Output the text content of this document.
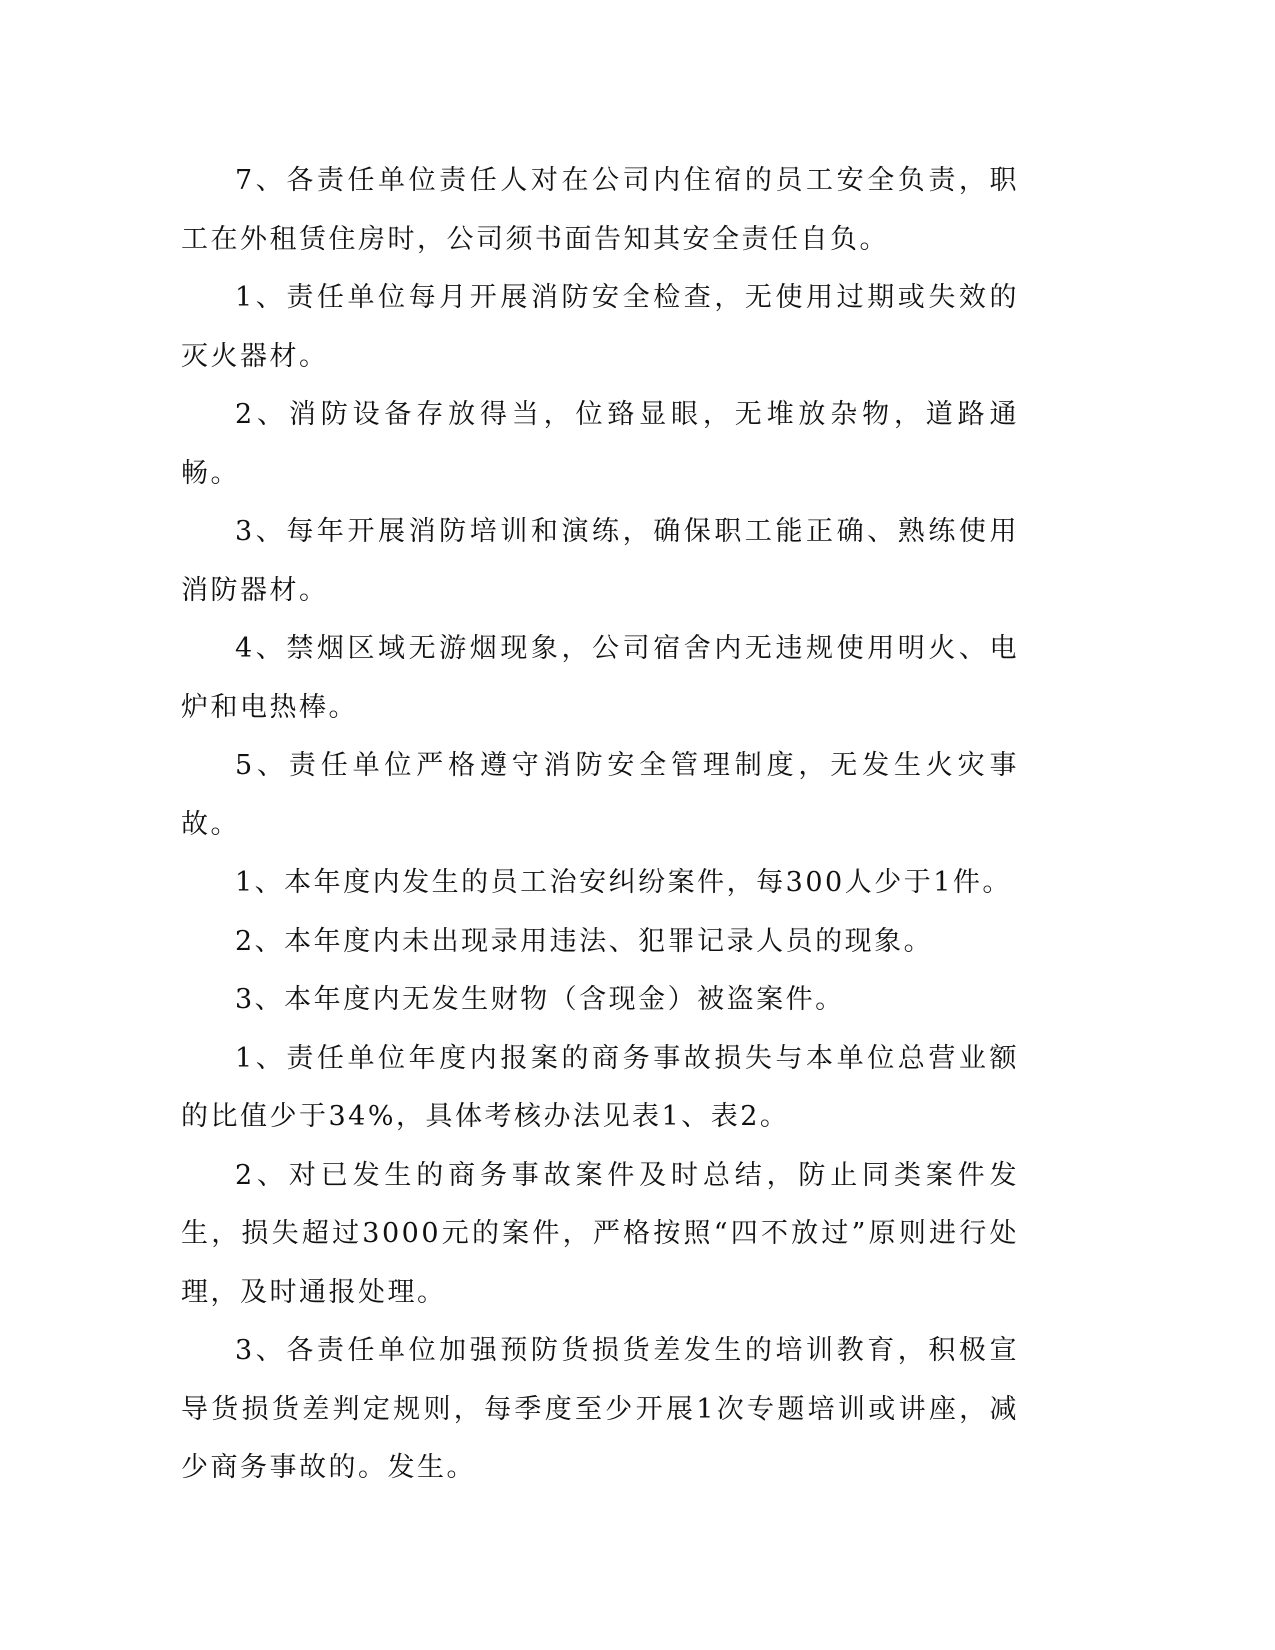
7、各责任单位责任人对在公司内住宿的员工安全负责，职工在外租赁住房时，公司须书面告知其安全责任自负。

1、责任单位每月开展消防安全检查，无使用过期或失效的灭火器材。

2、消防设备存放得当，位臵显眼，无堆放杂物，道路通畅。

3、每年开展消防培训和演练，确保职工能正确、熟练使用消防器材。

4、禁烟区域无游烟现象，公司宿舍内无违规使用明火、电炉和电热棒。

5、责任单位严格遵守消防安全管理制度，无发生火灾事故。

1、本年度内发生的员工治安纠纷案件，每300人少于1件。

2、本年度内未出现录用违法、犯罪记录人员的现象。

3、本年度内无发生财物（含现金）被盗案件。

1、责任单位年度内报案的商务事故损失与本单位总营业额的比值少于34%，具体考核办法见表1、表2。

2、对已发生的商务事故案件及时总结，防止同类案件发生，损失超过3000元的案件，严格按照“四不放过”原则进行处理，及时通报处理。

3、各责任单位加强预防货损货差发生的培训教育，积极宣导货损货差判定规则，每季度至少开展1次专题培训或讲座，减少商务事故的。发生。
